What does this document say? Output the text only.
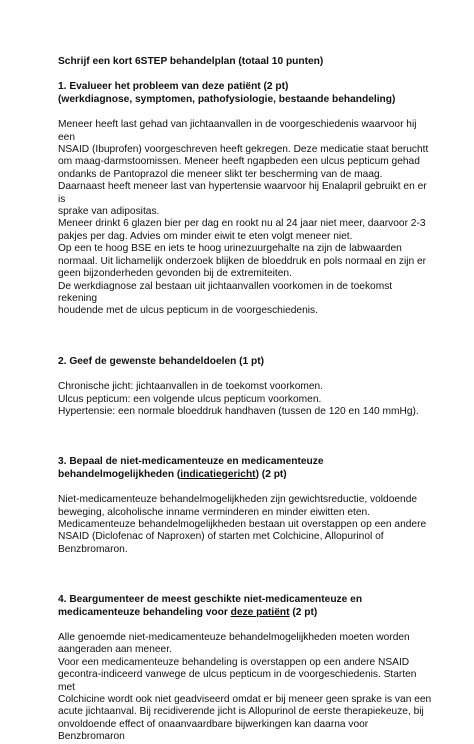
Schrijf een kort 6STEP behandelplan (totaal 10 punten)

1. Evalueer het probleem van deze patiënt (2 pt)
(werkdiagnose, symptomen, pathofysiologie, bestaande behandeling)

Meneer heeft last gehad van jichtaanvallen in de voorgeschiedenis waarvoor hij een
NSAID (Ibuprofen) voorgeschreven heeft gekregen. Deze medicatie staat beruchtt
om maag-darmstoomissen. Meneer heeft ngapbeden een ulcus pepticum gehad
ondanks de Pantoprazol die meneer slikt ter bescherming van de maag.
Daarnaast heeft meneer last van hypertensie waarvoor hij Enalapril gebruikt en er is
sprake van adipositas.
Meneer drinkt 6 glazen bier per dag en rookt nu al 24 jaar niet meer, daarvoor 2-3
pakjes per dag. Advies om minder eiwit te eten volgt meneer niet.
Op een te hoog BSE en iets te hoog urinezuurgehalte na zijn de labwaarden
normaal. Uit lichamelijk onderzoek blijken de bloeddruk en pols normaal en zijn er
geen bijzonderheden gevonden bij de extremiteiten.
De werkdiagnose zal bestaan uit jichtaanvallen voorkomen in de toekomst rekening
houdende met de ulcus pepticum in de voorgeschiedenis.

2. Geef de gewenste behandeldoelen (1 pt)

Chronische jicht: jichtaanvallen in de toekomst voorkomen.
Ulcus pepticum: een volgende ulcus pepticum voorkomen.
Hypertensie: een normale bloeddruk handhaven (tussen de 120 en 140 mmHg).

3. Bepaal de niet-medicamenteuze en medicamenteuze
behandelmogelijkheden (indicatiegericht) (2 pt)

Niet-medicamenteuze behandelmogelijkheden zijn gewichtsreductie, voldoende
beweging, alcoholische inname verminderen en minder eiwitten eten.
Medicamenteuze behandelmogelijkheden bestaan uit overstappen op een andere
NSAID (Diclofenac of Naproxen) of starten met Colchicine, Allopurinol of
Benzbromaron.

4. Beargumenteer de meest geschikte niet-medicamenteuze en
medicamenteuze behandeling voor deze patiënt (2 pt)

Alle genoemde niet-medicamenteuze behandelmogelijkheden moeten worden
aangeraden aan meneer.
Voor een medicamenteuze behandeling is overstappen op een andere NSAID
gecontra-indiceerd vanwege de ulcus pepticum in de voorgeschiedenis. Starten met
Colchicine wordt ook niet geadviseerd omdat er bij meneer geen sprake is van een
acute jichtaanval. Bij recidiverende jicht is Allopurinol de eerste therapiekeuze, bij
onvoldoende effect of onaanvaardbare bijwerkingen kan daarna voor Benzbromaron
